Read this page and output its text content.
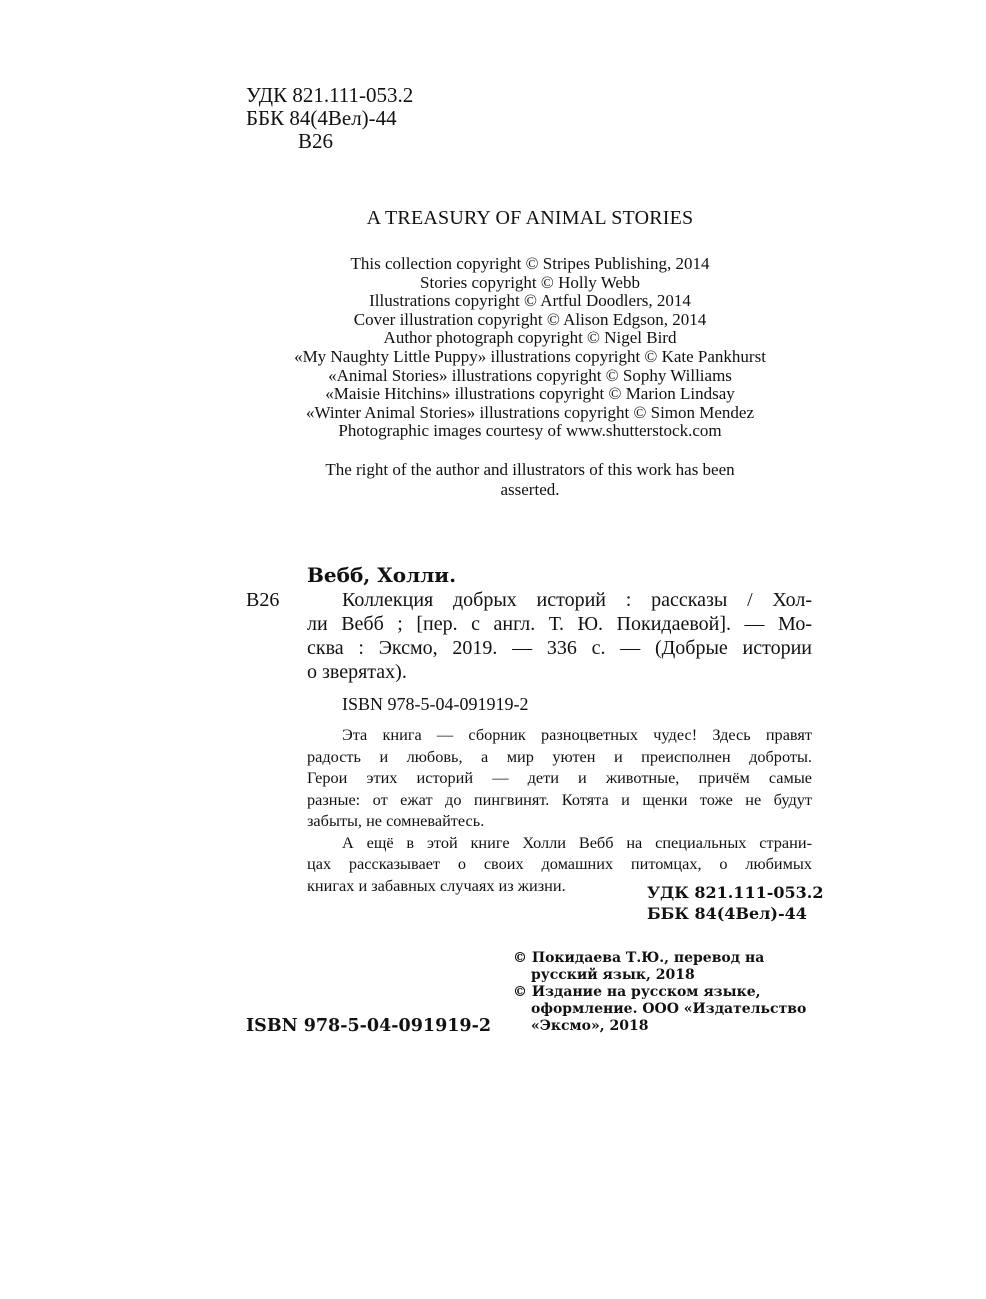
УДК 821.111-053.2
ББК 84(4Вел)-44
В26
A TREASURY OF ANIMAL STORIES
This collection copyright © Stripes Publishing, 2014
Stories copyright © Holly Webb
Illustrations copyright © Artful Doodlers, 2014
Cover illustration copyright © Alison Edgson, 2014
Author photograph copyright © Nigel Bird
«My Naughty Little Puppy» illustrations copyright © Kate Pankhurst
«Animal Stories» illustrations copyright © Sophy Williams
«Maisie Hitchins» illustrations copyright © Marion Lindsay
«Winter Animal Stories» illustrations copyright © Simon Mendez
Photographic images courtesy of www.shutterstock.com
The right of the author and illustrators of this work has been
asserted.
Вебб, Холли.
В26	Коллекция добрых историй : рассказы / Хол-
ли Вебб ; [пер. с англ. Т. Ю. Покидаевой]. — Мо-
сква : Эксмо, 2019. — 336 с. — (Добрые истории
о зверятах).
ISBN 978-5-04-091919-2
Эта книга — сборник разноцветных чудес! Здесь правят
радость и любовь, а мир уютен и преисполнен доброты.
Герои этих историй — дети и животные, причём самые
разные: от ежат до пингвинят. Котята и щенки тоже не будут
забыты, не сомневайтесь.
А ещё в этой книге Холли Вебб на специальных страни-
цах рассказывает о своих домашних питомцах, о любимых
книгах и забавных случаях из жизни.	УДК 821.111-053.2
ББК 84(4Вел)-44
© Покидаева Т.Ю., перевод на
русский язык, 2018
© Издание на русском языке,
оформление. ООО «Издательство
«Эксмо», 2018
ISBN 978-5-04-091919-2
